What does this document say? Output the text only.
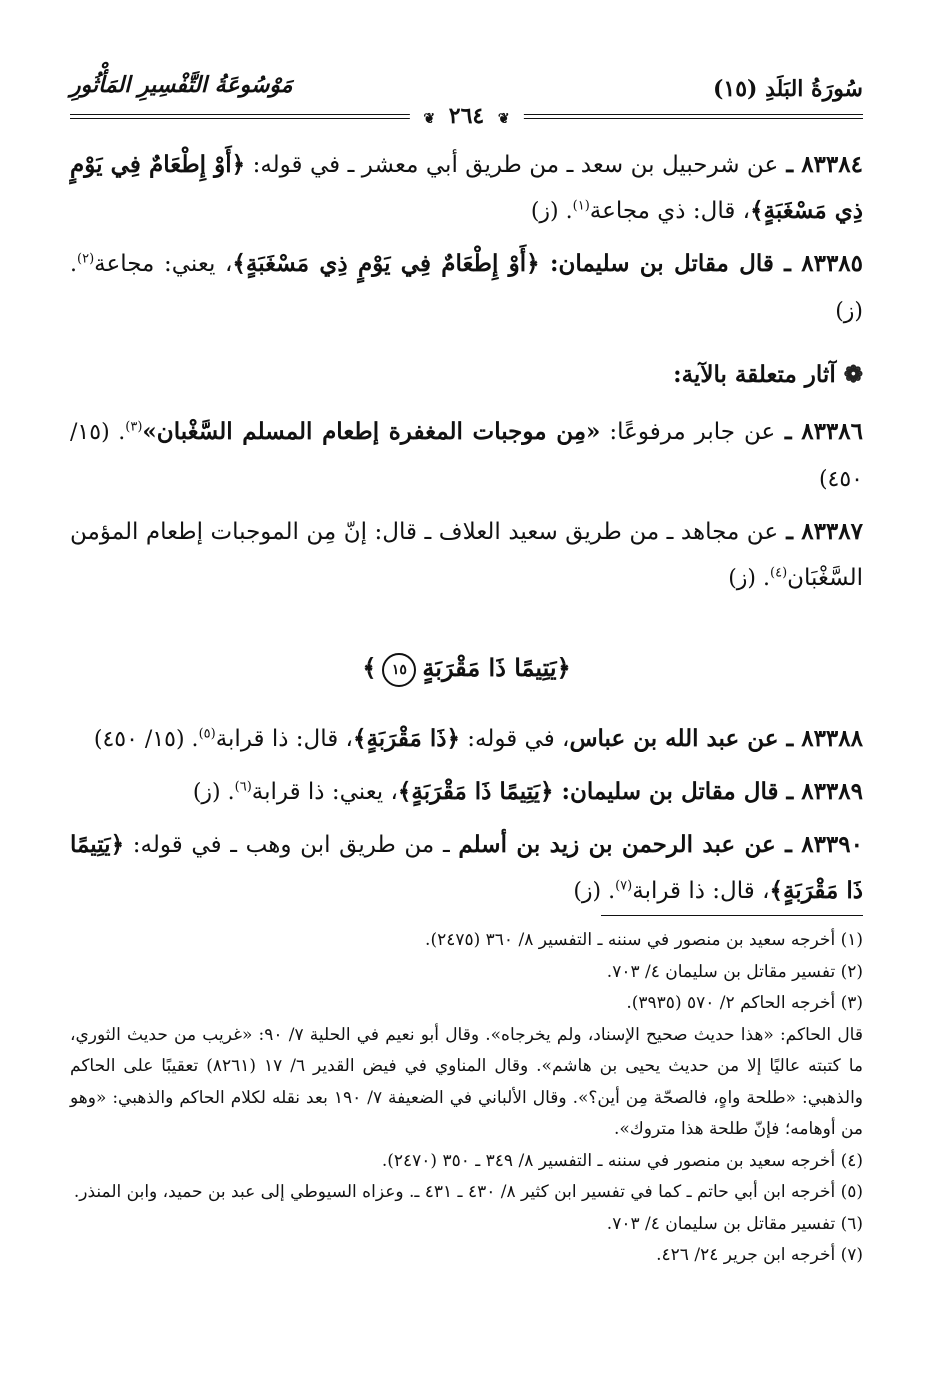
سُورَةُ البَلَدِ (١٥)
مَوْسُوعَةُ التَّفْسِيرِ المَأْثُورِ
❦ ٢٦٤ ❦

٨٣٣٨٤ ـ عن شرحبيل بن سعد ـ من طريق أبي معشر ـ في قوله: ﴿أَوْ إِطْعَامٌ فِي يَوْمٍ ذِي مَسْغَبَةٍ﴾، قال: ذي مجاعة$^{(١)}$. (ز)

٨٣٣٨٥ ـ قال مقاتل بن سليمان: ﴿أَوْ إِطْعَامٌ فِي يَوْمٍ ذِي مَسْغَبَةٍ﴾، يعني: مجاعة$^{(٢)}$. (ز)

❁آثار متعلقة بالآية:

٨٣٣٨٦ ـ عن جابر مرفوعًا: «مِن موجبات المغفرة إطعام المسلم السَّغْبان»$^{(٣)}$. (١٥/ ٤٥٠)

٨٣٣٨٧ ـ عن مجاهد ـ من طريق سعيد العلاف ـ قال: إنّ مِن الموجبات إطعام المؤمن السَّغْبَان$^{(٤)}$. (ز)

﴿يَتِيمًا ذَا مَقْرَبَةٍ١٥﴾

٨٣٣٨٨ ـ عن عبد الله بن عباس، في قوله: ﴿ذَا مَقْرَبَةٍ﴾، قال: ذا قرابة$^{(٥)}$. (١٥/ ٤٥٠)

٨٣٣٨٩ ـ قال مقاتل بن سليمان: ﴿يَتِيمًا ذَا مَقْرَبَةٍ﴾، يعني: ذا قرابة$^{(٦)}$. (ز)

٨٣٣٩٠ ـ عن عبد الرحمن بن زيد بن أسلم ـ من طريق ابن وهب ـ في قوله: ﴿يَتِيمًا ذَا مَقْرَبَةٍ﴾، قال: ذا قرابة$^{(٧)}$. (ز)

(١) أخرجه سعيد بن منصور في سننه ـ التفسير ٨/ ٣٦٠ (٢٤٧٥).

(٢) تفسير مقاتل بن سليمان ٤/ ٧٠٣.

(٣) أخرجه الحاكم ٢/ ٥٧٠ (٣٩٣٥).

قال الحاكم: «هذا حديث صحيح الإسناد، ولم يخرجاه». وقال أبو نعيم في الحلية ٧/ ٩٠: «غريب من حديث الثوري، ما كتبته عاليًا إلا من حديث يحيى بن هاشم». وقال المناوي في فيض القدير ٦/ ١٧ (٨٢٦١) تعقيبًا على الحاكم والذهبي: «طلحة واهٍ، فالصحّة مِن أين؟». وقال الألباني في الضعيفة ٧/ ١٩٠ بعد نقله لكلام الحاكم والذهبي: «وهو من أوهامه؛ فإنّ طلحة هذا متروك».

(٤) أخرجه سعيد بن منصور في سننه ـ التفسير ٨/ ٣٤٩ ـ ٣٥٠ (٢٤٧٠).

(٥) أخرجه ابن أبي حاتم ـ كما في تفسير ابن كثير ٨/ ٤٣٠ ـ ٤٣١ ـ. وعزاه السيوطي إلى عبد بن حميد، وابن المنذر.

(٦) تفسير مقاتل بن سليمان ٤/ ٧٠٣.

(٧) أخرجه ابن جرير ٢٤/ ٤٢٦.
